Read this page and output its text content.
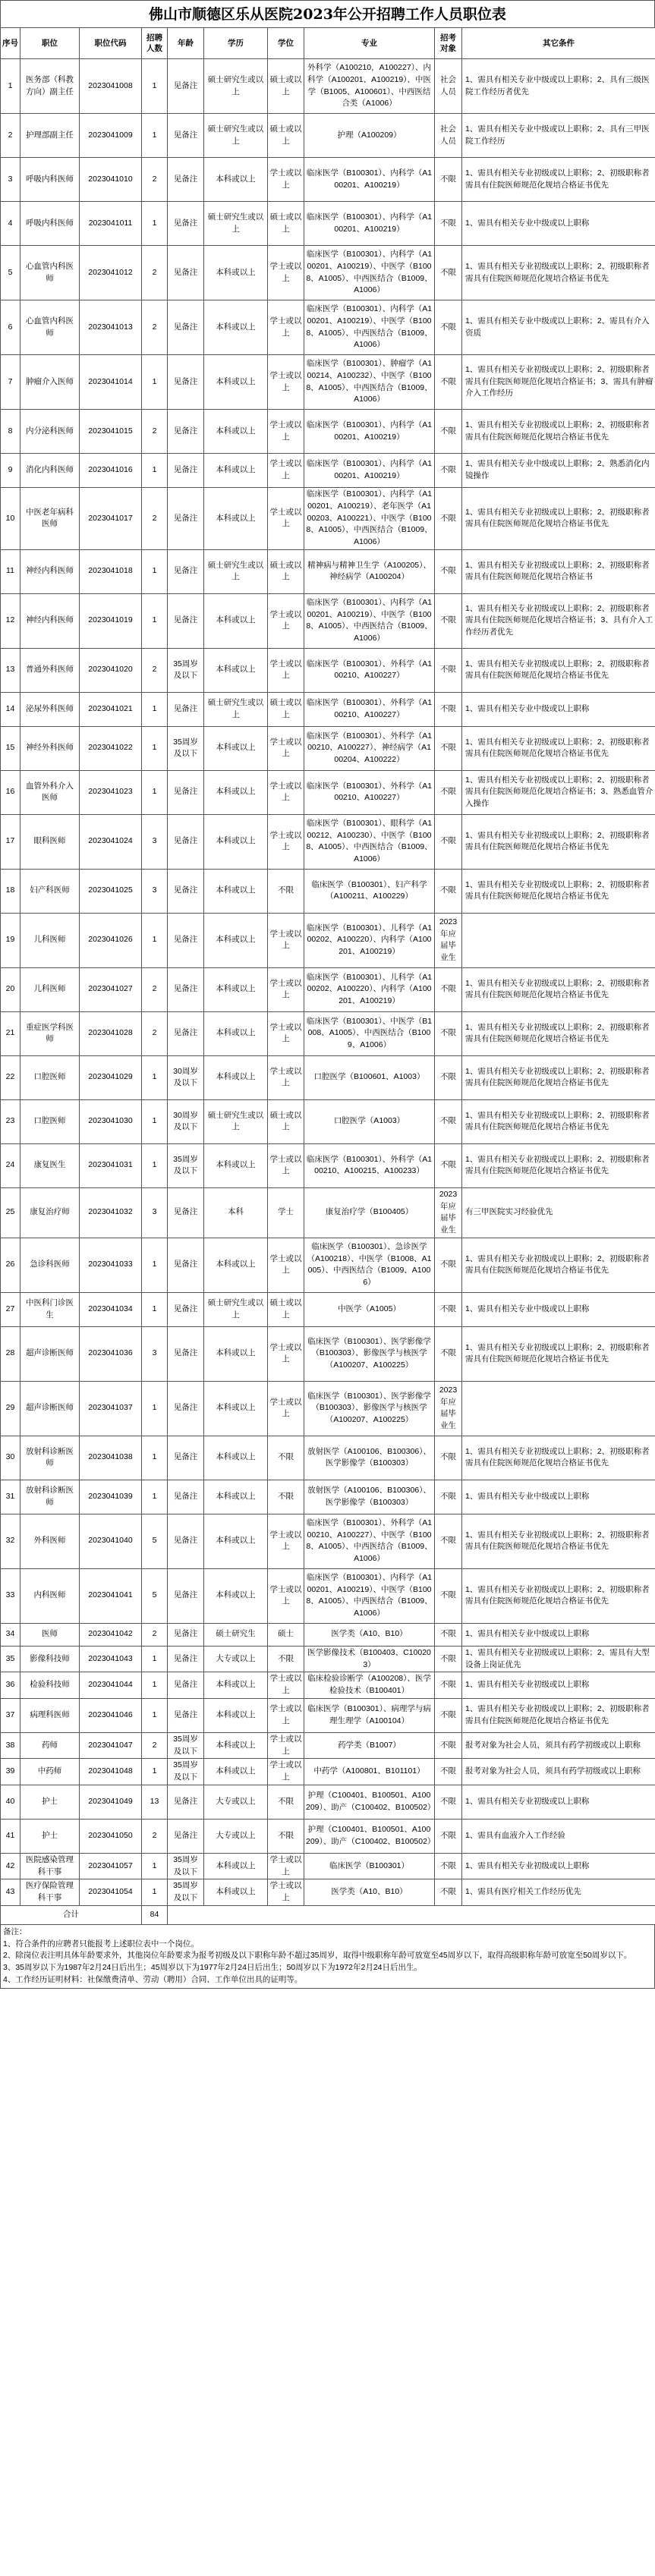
佛山市顺德区乐从医院2023年公开招聘工作人员职位表
序号	职位	职位代码	招聘人数	年龄	学历	学位	专业	招考对象	其它条件
1	医务部（科教方向）副主任	2023041008	1	见备注	硕士研究生或以上	硕士或以上	外科学（A100210，A100227）、内科学（A100201、A100219）、中医学（B1005、A100601）、中西医结合类（A1006）	社会人员	1、需具有相关专业中级或以上职称；2、具有三级医院工作经历者优先
2	护理部副主任	2023041009	1	见备注	硕士研究生或以上	硕士或以上	护理（A100209）	社会人员	1、需具有相关专业中级或以上职称；2、具有三甲医院工作经历
3	呼吸内科医师	2023041010	2	见备注	本科或以上	学士或以上	临床医学（B100301）、内科学（A100201、A100219）	不限	1、需具有相关专业初级或以上职称；2、初级职称者需具有住院医师规范化规培合格证书优先
4	呼吸内科医师	2023041011	1	见备注	硕士研究生或以上	硕士或以上	临床医学（B100301）、内科学（A100201、A100219）	不限	1、需具有相关专业中级或以上职称
5	心血管内科医师	2023041012	2	见备注	本科或以上	学士或以上	临床医学（B100301）、内科学（A100201、A100219）、中医学（B1008、A1005）、中西医结合（B1009、A1006）	不限	1、需具有相关专业初级或以上职称；2、初级职称者需具有住院医师规范化规培合格证书优先
6	心血管内科医师	2023041013	2	见备注	本科或以上	学士或以上	临床医学（B100301）、内科学（A100201、A100219）、中医学（B1008、A1005）、中西医结合（B1009、A1006）	不限	1、需具有相关专业中级或以上职称；2、需具有介入资质
7	肿瘤介入医师	2023041014	1	见备注	本科或以上	学士或以上	临床医学（B100301）、肿瘤学（A100214、A100232）、中医学（B1008、A1005）、中西医结合（B1009、A1006）	不限	1、需具有相关专业初级或以上职称；2、初级职称者需具有住院医师规范化规培合格证书；3、需具有肿瘤介入工作经历
8	内分泌科医师	2023041015	2	见备注	本科或以上	学士或以上	临床医学（B100301）、内科学（A100201、A100219）	不限	1、需具有相关专业初级或以上职称；2、初级职称者需具有住院医师规范化规培合格证书优先
9	消化内科医师	2023041016	1	见备注	本科或以上	学士或以上	临床医学（B100301）、内科学（A100201、A100219）	不限	1、需具有相关专业中级或以上职称；2、熟悉消化内镜操作
10	中医老年病科医师	2023041017	2	见备注	本科或以上	学士或以上	临床医学（B100301）、内科学（A100201、A100219）、老年医学（A100203、A100221）、中医学（B1008、A1005）、中西医结合（B1009、A1006）	不限	1、需具有相关专业初级或以上职称；2、初级职称者需具有住院医师规范化规培合格证书优先
11	神经内科医师	2023041018	1	见备注	硕士研究生或以上	硕士或以上	精神病与精神卫生学（A100205）、神经病学（A100204）	不限	1、需具有相关专业初级或以上职称；2、初级职称者需具有住院医师规范化规培合格证书
12	神经内科医师	2023041019	1	见备注	本科或以上	学士或以上	临床医学（B100301）、内科学（A100201、A100219）、中医学（B1008、A1005）、中西医结合（B1009、A1006）	不限	1、需具有相关专业初级或以上职称；2、初级职称者需具有住院医师规范化规培合格证书；3、具有介入工作经历者优先
13	普通外科医师	2023041020	2	35周岁及以下	本科或以上	学士或以上	临床医学（B100301）、外科学（A100210、A100227）	不限	1、需具有相关专业初级或以上职称；2、初级职称者需具有住院医师规范化规培合格证书优先
14	泌尿外科医师	2023041021	1	见备注	硕士研究生或以上	硕士或以上	临床医学（B100301）、外科学（A100210、A100227）	不限	1、需具有相关专业中级或以上职称
15	神经外科医师	2023041022	1	35周岁及以下	本科或以上	学士或以上	临床医学（B100301）、外科学（A100210、A100227）、神经病学（A100204、A100222）	不限	1、需具有相关专业初级或以上职称；2、初级职称者需具有住院医师规范化规培合格证书优先
16	血管外科介入医师	2023041023	1	见备注	本科或以上	学士或以上	临床医学（B100301）、外科学（A100210、A100227）	不限	1、需具有相关专业初级或以上职称；2、初级职称者需具有住院医师规范化规培合格证书；3、熟悉血管介入操作
17	眼科医师	2023041024	3	见备注	本科或以上	学士或以上	临床医学（B100301）、眼科学（A100212、A100230）、中医学（B1008、A1005）、中西医结合（B1009、A1006）	不限	1、需具有相关专业初级或以上职称；2、初级职称者需具有住院医师规范化规培合格证书优先
18	妇产科医师	2023041025	3	见备注	本科或以上	不限	临床医学（B100301）、妇产科学（A100211、A100229）	不限	1、需具有相关专业初级或以上职称；2、初级职称者需具有住院医师规范化规培合格证书优先
19	儿科医师	2023041026	1	见备注	本科或以上	学士或以上	临床医学（B100301）、儿科学（A100202、A100220）、内科学（A100201、A100219）	2023年应届毕业生	
20	儿科医师	2023041027	2	见备注	本科或以上	学士或以上	临床医学（B100301）、儿科学（A100202、A100220）、内科学（A100201、A100219）	不限	1、需具有相关专业初级或以上职称；2、初级职称者需具有住院医师规范化规培合格证书优先
21	重症医学科医师	2023041028	2	见备注	本科或以上	学士或以上	临床医学（B100301）、中医学（B1008、A1005）、中西医结合（B1009、A1006）	不限	1、需具有相关专业初级或以上职称；2、初级职称者需具有住院医师规范化规培合格证书优先
22	口腔医师	2023041029	1	30周岁及以下	本科或以上	学士或以上	口腔医学（B100601、A1003）	不限	1、需具有相关专业初级或以上职称；2、初级职称者需具有住院医师规范化规培合格证书优先
23	口腔医师	2023041030	1	30周岁及以下	硕士研究生或以上	硕士或以上	口腔医学（A1003）	不限	1、需具有相关专业初级或以上职称；2、初级职称者需具有住院医师规范化规培合格证书优先
24	康复医生	2023041031	1	35周岁及以下	本科或以上	学士或以上	临床医学（B100301）、外科学（A100210、A100215、A100233）	不限	1、需具有相关专业初级或以上职称；2、初级职称者需具有住院医师规范化规培合格证书优先
25	康复治疗师	2023041032	3	见备注	本科	学士	康复治疗学（B100405）	2023年应届毕业生	有三甲医院实习经验优先
26	急诊科医师	2023041033	1	见备注	本科或以上	学士或以上	临床医学（B100301）、急诊医学（A100218）、中医学（B1008、A1005）、中西医结合（B1009、A1006）	不限	1、需具有相关专业初级或以上职称；2、初级职称者需具有住院医师规范化规培合格证书优先
27	中医科门诊医生	2023041034	1	见备注	硕士研究生或以上	硕士或以上	中医学（A1005）	不限	1、需具有相关专业中级或以上职称
28	超声诊断医师	2023041036	3	见备注	本科或以上	学士或以上	临床医学（B100301）、医学影像学（B100303）、影像医学与核医学（A100207、A100225）	不限	1、需具有相关专业初级或以上职称；2、初级职称者需具有住院医师规范化规培合格证书优先
29	超声诊断医师	2023041037	1	见备注	本科或以上	学士或以上	临床医学（B100301）、医学影像学（B100303）、影像医学与核医学（A100207、A100225）	2023年应届毕业生	
30	放射科诊断医师	2023041038	1	见备注	本科或以上	不限	放射医学（A100106、B100306）、医学影像学（B100303）	不限	1、需具有相关专业初级或以上职称；2、初级职称者需具有住院医师规范化规培合格证书优先
31	放射科诊断医师	2023041039	1	见备注	本科或以上	不限	放射医学（A100106、B100306）、医学影像学（B100303）	不限	1、需具有相关专业中级或以上职称
32	外科医师	2023041040	5	见备注	本科或以上	学士或以上	临床医学（B100301）、外科学（A100210、A100227）、中医学（B1008、A1005）、中西医结合（B1009、A1006）	不限	1、需具有相关专业初级或以上职称；2、初级职称者需具有住院医师规范化规培合格证书优先
33	内科医师	2023041041	5	见备注	本科或以上	学士或以上	临床医学（B100301）、内科学（A100201、A100219）、中医学（B1008、A1005）、中西医结合（B1009、A1006）	不限	1、需具有相关专业初级或以上职称；2、初级职称者需具有住院医师规范化规培合格证书优先
34	医师	2023041042	2	见备注	硕士研究生	硕士	医学类（A10、B10）	不限	1、需具有相关专业中级或以上职称
35	影像科技师	2023041043	1	见备注	大专或以上	不限	医学影像技术（B100403、C100203）	不限	1、需具有相关专业初级或以上职称；2、需具有大型设备上岗证优先
36	检验科技师	2023041044	1	见备注	本科或以上	学士或以上	临床检验诊断学（A100208）、医学检验技术（B100401）	不限	1、需具有相关专业初级或以上职称
37	病理科医师	2023041046	1	见备注	本科或以上	学士或以上	临床医学（B100301）、病理学与病理生理学（A100104）	不限	1、需具有相关专业初级或以上职称；2、初级职称者需具有住院医师规范化规培合格证书优先
38	药师	2023041047	2	35周岁及以下	本科或以上	学士或以上	药学类（B1007）	不限	报考对象为社会人员，须具有药学初级或以上职称
39	中药师	2023041048	1	35周岁及以下	本科或以上	学士或以上	中药学（A100801、B101101）	不限	报考对象为社会人员，须具有药学初级或以上职称
40	护士	2023041049	13	见备注	大专或以上	不限	护理（C100401、B100501、A100209）、助产（C100402、B100502）	不限	1、需具有相关专业初级或以上职称
41	护士	2023041050	2	见备注	大专或以上	不限	护理（C100401、B100501、A100209）、助产（C100402、B100502）	不限	1、需具有血液介入工作经验
42	医院感染管理科干事	2023041057	1	35周岁及以下	本科或以上	学士或以上	临床医学（B100301）	不限	1、需具有相关专业初级或以上职称
43	医疗保险管理科干事	2023041054	1	35周岁及以下	本科或以上	学士或以上	医学类（A10、B10）	不限	1、需具有医疗相关工作经历优先
合计			84						
备注：
1、符合条件的应聘者只能报考上述职位表中一个岗位。
2、除岗位表注明具体年龄要求外，其他岗位年龄要求为报考初级及以下职称年龄不超过35周岁，取得中级职称年龄可放宽至45周岁以下，取得高级职称年龄可放宽至50周岁以下。
3、35周岁以下为1987年2月24日后出生；45周岁以下为1977年2月24日后出生；50周岁以下为1972年2月24日后出生。
4、工作经历证明材料：社保缴费清单、劳动（聘用）合同、工作单位出具的证明等。
